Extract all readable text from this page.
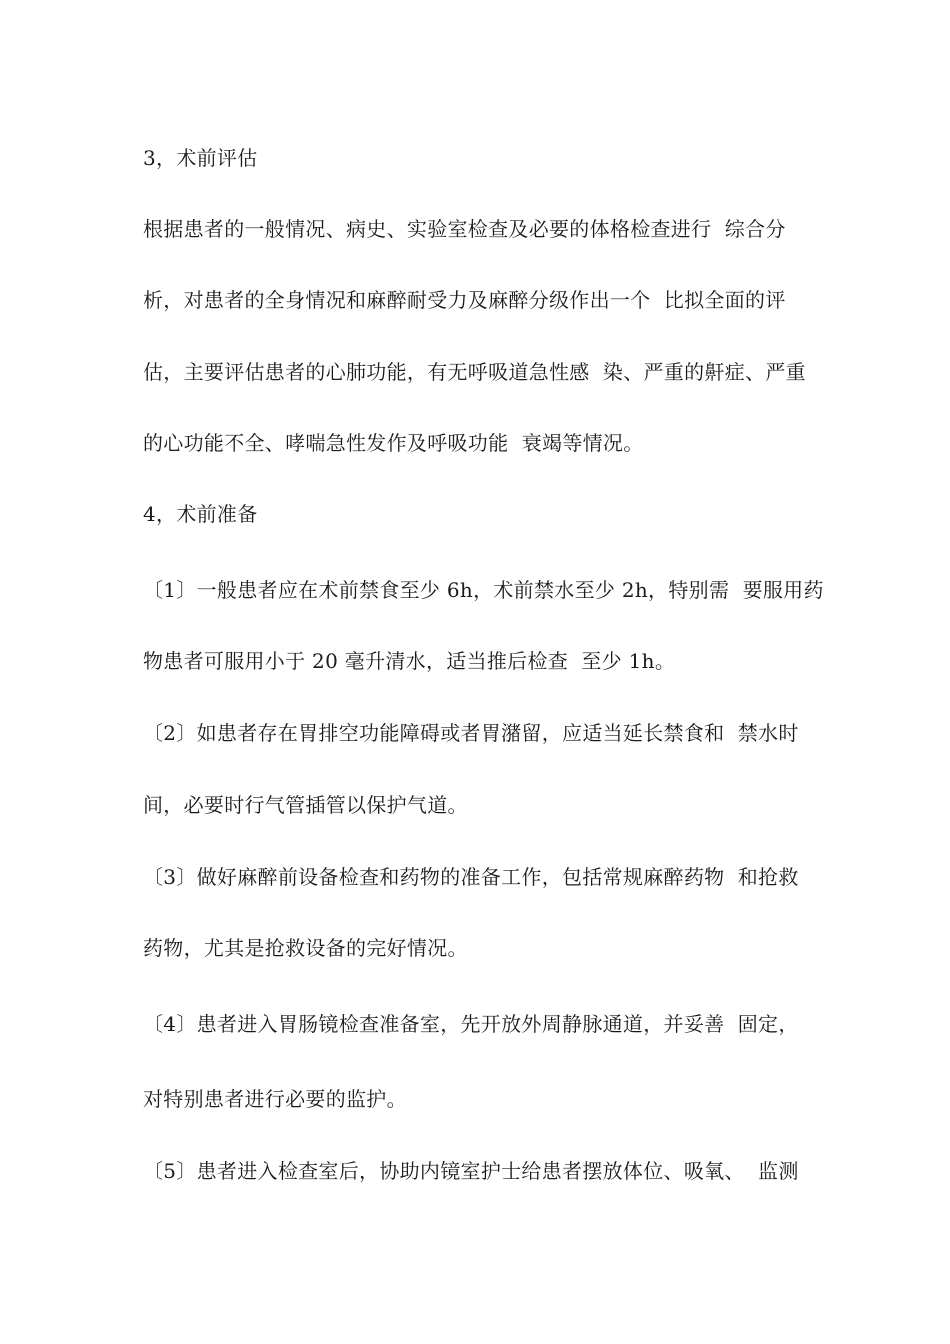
3，术前评估
根据患者的一般情况、病史、实验室检查及必要的体格检查进行  综合分
析，对患者的全身情况和麻醉耐受力及麻醉分级作出一个  比拟全面的评
估，主要评估患者的心肺功能，有无呼吸道急性感  染、严重的鼾症、严重
的心功能不全、哮喘急性发作及呼吸功能  衰竭等情况。
4，术前准备
〔1〕一般患者应在术前禁食至少 6h，术前禁水至少 2h，特别需  要服用药
物患者可服用小于 20 毫升清水，适当推后检查  至少 1h。
〔2〕如患者存在胃排空功能障碍或者胃潴留，应适当延长禁食和  禁水时
间，必要时行气管插管以保护气道。
〔3〕做好麻醉前设备检查和药物的准备工作，包括常规麻醉药物  和抢救
药物，尤其是抢救设备的完好情况。
〔4〕患者进入胃肠镜检查准备室，先开放外周静脉通道，并妥善  固定，
对特别患者进行必要的监护。
〔5〕患者进入检查室后，协助内镜室护士给患者摆放体位、吸氧、  监测
